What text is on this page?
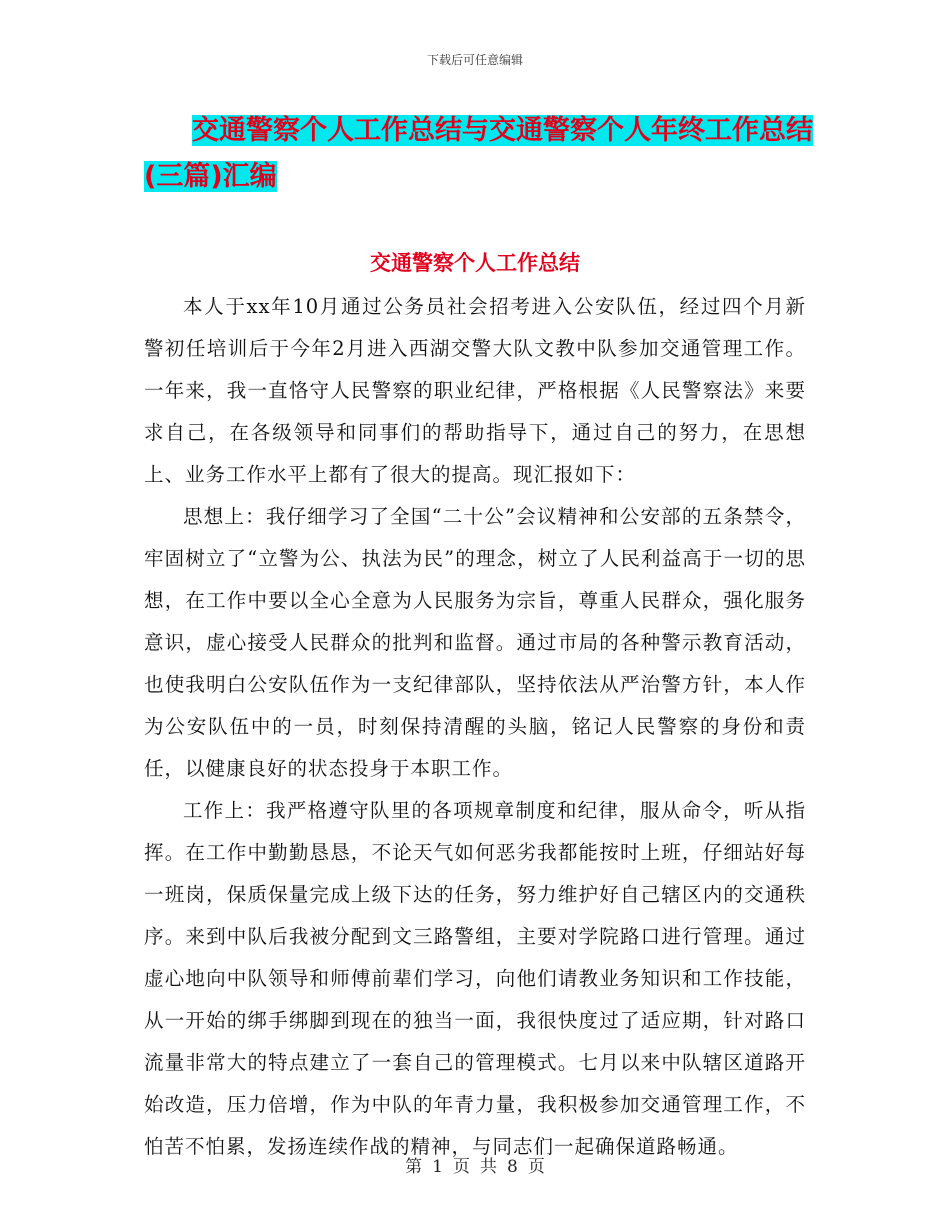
下载后可任意编辑
交通警察个人工作总结与交通警察个人年终工作总结
(三篇)汇编
交通警察个人工作总结

本人于xx年10月通过公务员社会招考进入公安队伍，经过四个月新警初任培训后于今年2月进入西湖交警大队文教中队参加交通管理工作。一年来，我一直恪守人民警察的职业纪律，严格根据《人民警察法》来要求自己，在各级领导和同事们的帮助指导下，通过自己的努力，在思想上、业务工作水平上都有了很大的提高。现汇报如下：

思想上：我仔细学习了全国“二十公”会议精神和公安部的五条禁令，牢固树立了“立警为公、执法为民”的理念，树立了人民利益高于一切的思想，在工作中要以全心全意为人民服务为宗旨，尊重人民群众，强化服务意识，虚心接受人民群众的批判和监督。通过市局的各种警示教育活动，也使我明白公安队伍作为一支纪律部队，坚持依法从严治警方针，本人作为公安队伍中的一员，时刻保持清醒的头脑，铭记人民警察的身份和责任，以健康良好的状态投身于本职工作。

工作上：我严格遵守队里的各项规章制度和纪律，服从命令，听从指挥。在工作中勤勤恳恳，不论天气如何恶劣我都能按时上班，仔细站好每一班岗，保质保量完成上级下达的任务，努力维护好自己辖区内的交通秩序。来到中队后我被分配到文三路警组，主要对学院路口进行管理。通过虚心地向中队领导和师傅前辈们学习，向他们请教业务知识和工作技能，从一开始的绑手绑脚到现在的独当一面，我很快度过了适应期，针对路口流量非常大的特点建立了一套自己的管理模式。七月以来中队辖区道路开始改造，压力倍增，作为中队的年青力量，我积极参加交通管理工作，不怕苦不怕累，发扬连续作战的精神，与同志们一起确保道路畅通。

第 1 页 共 8 页
